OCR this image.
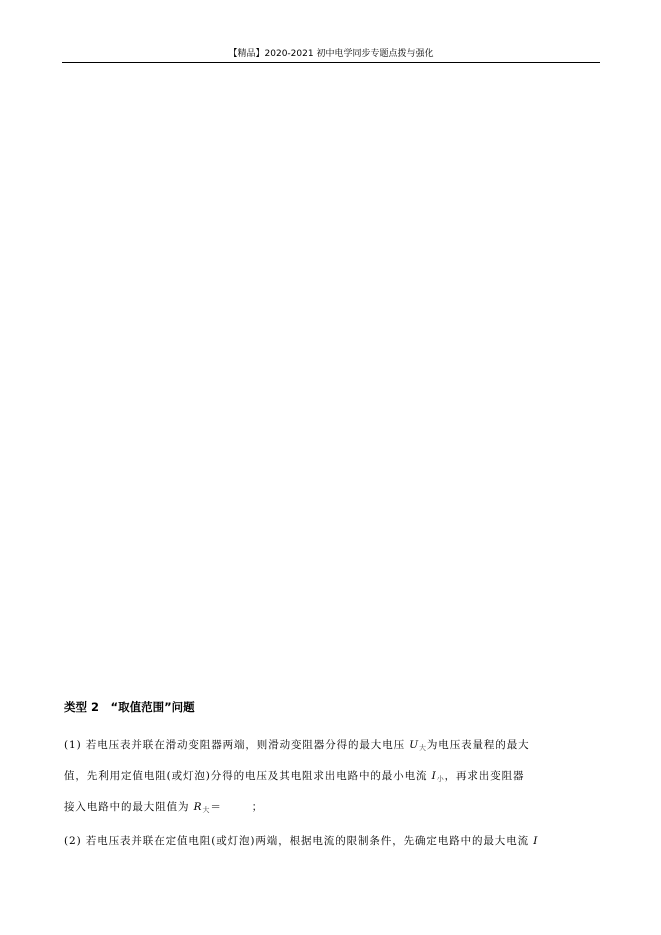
【精品】2020-2021 初中电学同步专题点拨与强化
类型 2　“取值范围”问题
(1) 若电压表并联在滑动变阻器两端，则滑动变阻器分得的最大电压 $U_大$为电压表量程的最大
值，先利用定值电阻(或灯泡)分得的电压及其电阻求出电路中的最小电流 $I_小$，再求出变阻器
接入电路中的最大阻值为 $R_大=$	；
(2) 若电压表并联在定值电阻(或灯泡)两端，根据电流的限制条件，先确定电路中的最大电流 I
